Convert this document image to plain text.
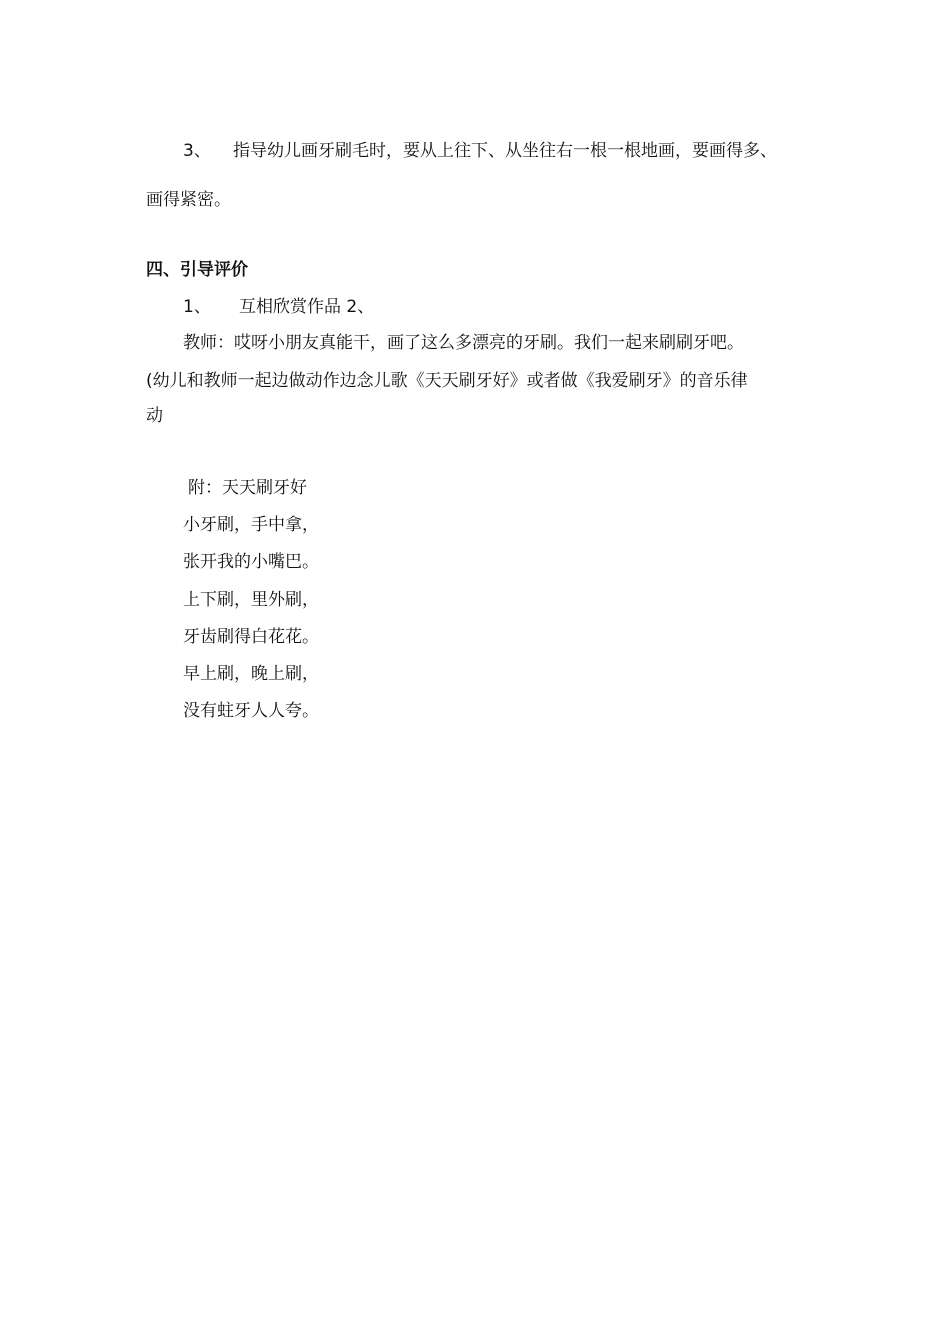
3、 指导幼儿画牙刷毛时，要从上往下、从坐往右一根一根地画，要画得多、
画得紧密。
四、引导评价
1、 互相欣赏作品 2、
教师：哎呀小朋友真能干，画了这么多漂亮的牙刷。我们一起来刷刷牙吧。
(幼儿和教师一起边做动作边念儿歌《天天刷牙好》或者做《我爱刷牙》的音乐律
动
附：天天刷牙好
小牙刷，手中拿，
张开我的小嘴巴。
上下刷，里外刷，
牙齿刷得白花花。
早上刷，晚上刷，
没有蛀牙人人夸。
